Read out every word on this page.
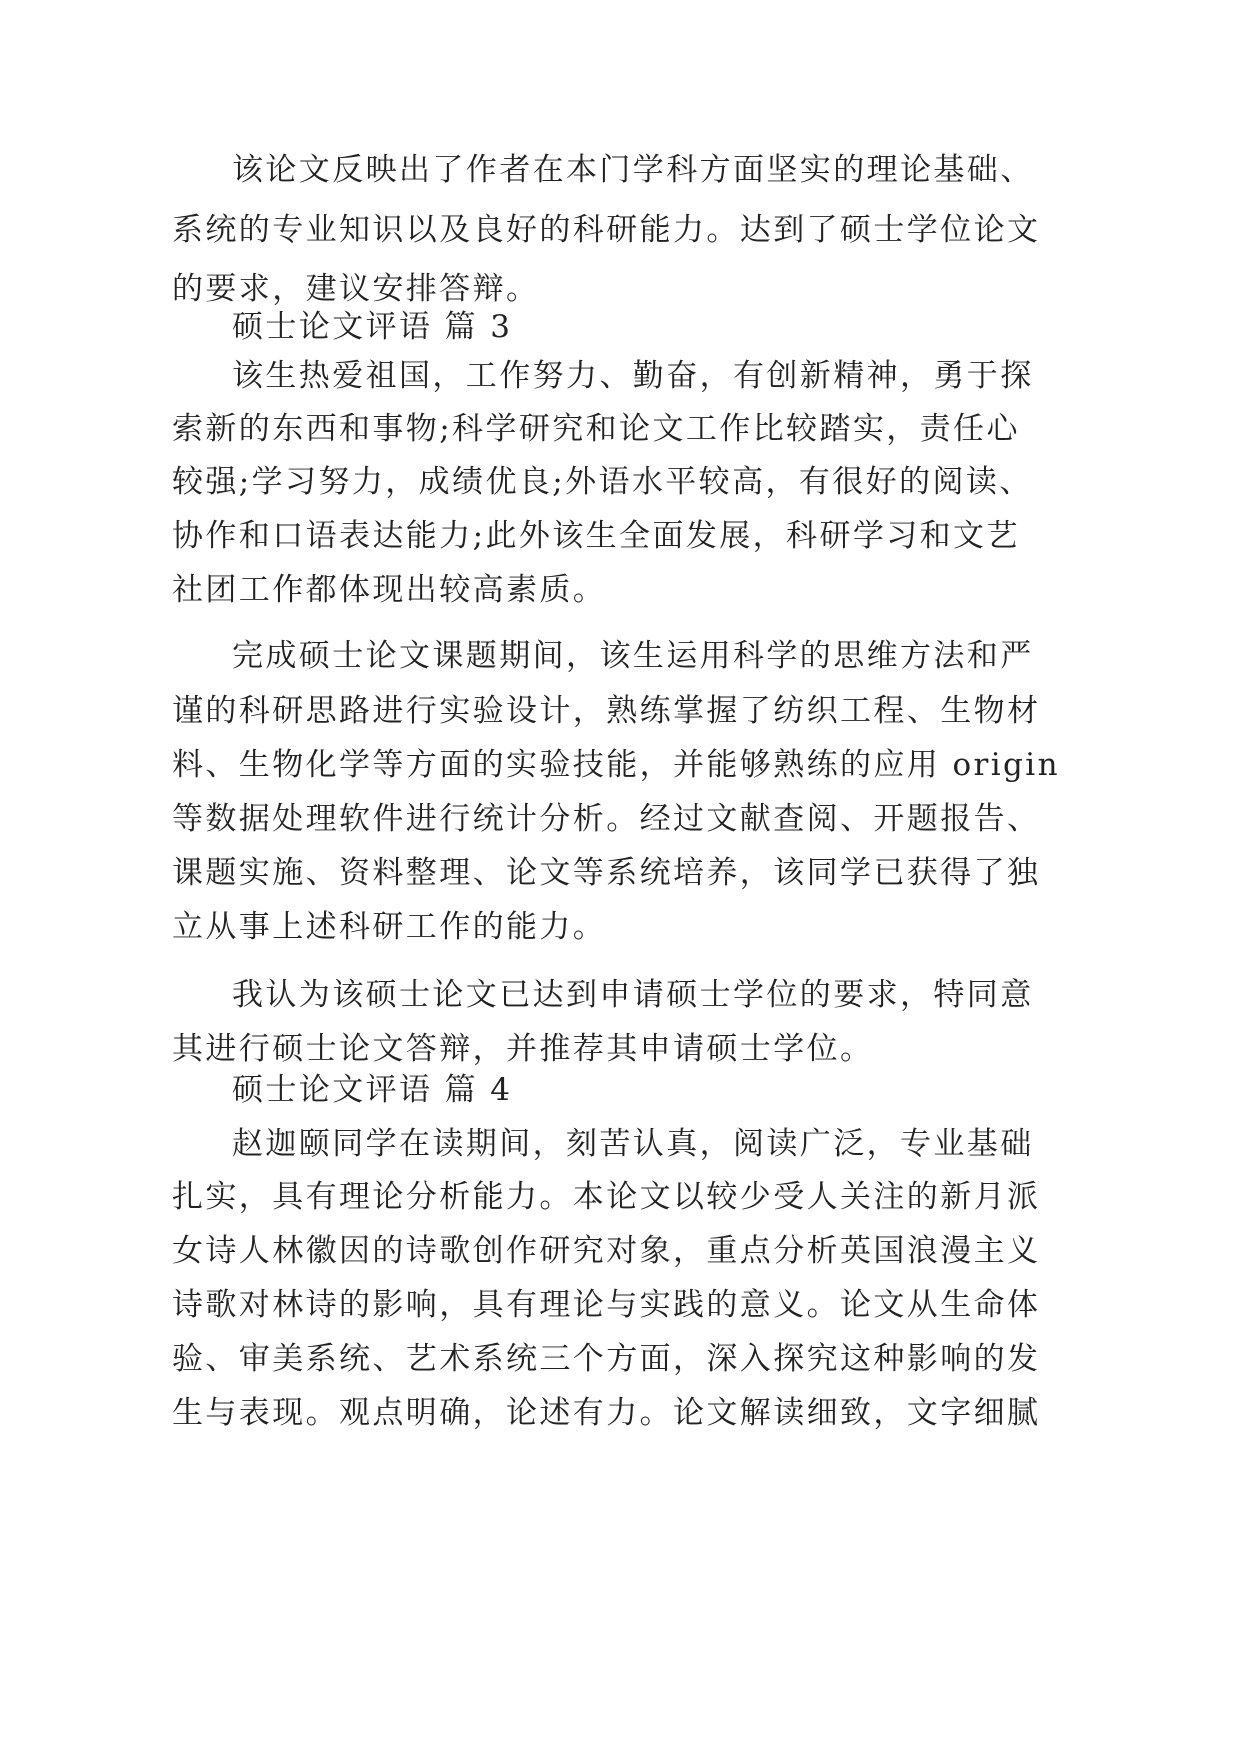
该论文反映出了作者在本门学科方面坚实的理论基础、
系统的专业知识以及良好的科研能力。达到了硕士学位论文
的要求，建议安排答辩。
硕士论文评语 篇 3
该生热爱祖国，工作努力、勤奋，有创新精神，勇于探
索新的东西和事物;科学研究和论文工作比较踏实，责任心
较强;学习努力，成绩优良;外语水平较高，有很好的阅读、
协作和口语表达能力;此外该生全面发展，科研学习和文艺
社团工作都体现出较高素质。
完成硕士论文课题期间，该生运用科学的思维方法和严
谨的科研思路进行实验设计，熟练掌握了纺织工程、生物材
料、生物化学等方面的实验技能，并能够熟练的应用 origin
等数据处理软件进行统计分析。经过文献查阅、开题报告、
课题实施、资料整理、论文等系统培养，该同学已获得了独
立从事上述科研工作的能力。
我认为该硕士论文已达到申请硕士学位的要求，特同意
其进行硕士论文答辩，并推荐其申请硕士学位。
硕士论文评语 篇 4
赵迦颐同学在读期间，刻苦认真，阅读广泛，专业基础
扎实，具有理论分析能力。本论文以较少受人关注的新月派
女诗人林徽因的诗歌创作研究对象，重点分析英国浪漫主义
诗歌对林诗的影响，具有理论与实践的意义。论文从生命体
验、审美系统、艺术系统三个方面，深入探究这种影响的发
生与表现。观点明确，论述有力。论文解读细致，文字细腻
